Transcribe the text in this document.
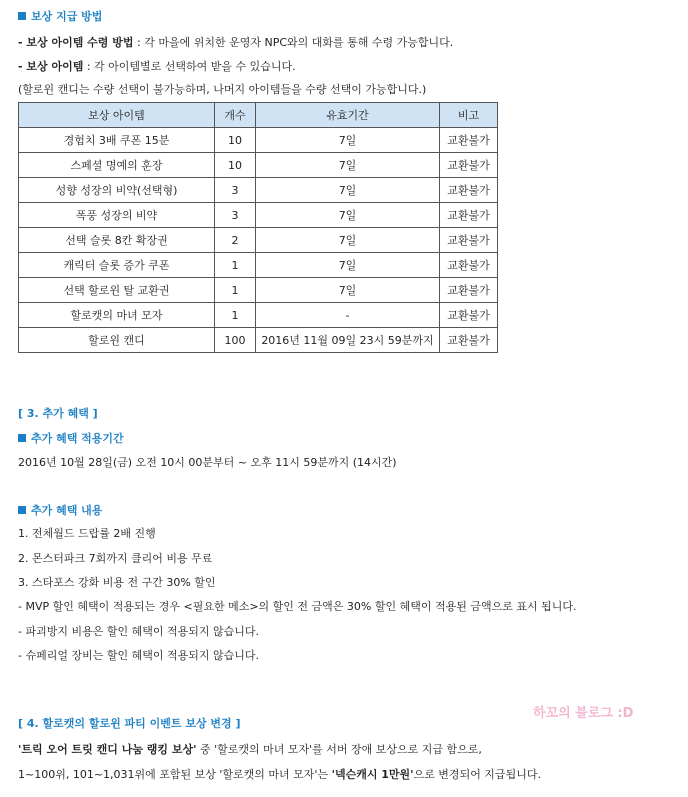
보상 지급 방법
- 보상 아이템 수령 방법 : 각 마을에 위치한 운영자 NPC와의 대화를 통해 수령 가능합니다.
- 보상 아이템 : 각 아이템별로 선택하여 받을 수 있습니다.
(할로윈 캔디는 수량 선택이 불가능하며, 나머지 아이템들을 수량 선택이 가능합니다.)
보상 아이템	개수	유효기간	비고
경험치 3배 쿠폰 15분	10	7일	교환불가
스페셜 명예의 훈장	10	7일	교환불가
성향 성장의 비약(선택형)	3	7일	교환불가
폭풍 성장의 비약	3	7일	교환불가
선택 슬롯 8칸 확장권	2	7일	교환불가
캐릭터 슬롯 증가 쿠폰	1	7일	교환불가
선택 할로윈 탈 교환권	1	7일	교환불가
할로캣의 마녀 모자	1	-	교환불가
할로윈 캔디	100	2016년 11월 09일 23시 59분까지	교환불가
[ 3. 추가 혜택 ]
추가 혜택 적용기간
2016년 10월 28일(금) 오전 10시 00분부터 ~ 오후 11시 59분까지 (14시간)
추가 혜택 내용
1. 전체월드 드랍률 2배 진행
2. 몬스터파크 7회까지 클리어 비용 무료
3. 스타포스 강화 비용 전 구간 30% 할인
- MVP 할인 혜택이 적용되는 경우 <필요한 메소>의 할인 전 금액은 30% 할인 혜택이 적용된 금액으로 표시 됩니다.
- 파괴방지 비용은 할인 혜택이 적용되지 않습니다.
- 슈페리얼 장비는 할인 혜택이 적용되지 않습니다.
[ 4. 할로캣의 할로윈 파티 이벤트 보상 변경 ]
'트릭 오어 트릿 캔디 나눔 랭킹 보상' 중 '할로캣의 마녀 모자'를 서버 장애 보상으로 지급 함으로,
1~100위, 101~1,031위에 포함된 보상 '할로캣의 마녀 모자'는 '넥슨캐시 1만원'으로 변경되어 지급됩니다.
하꼬의 블로그 :D
